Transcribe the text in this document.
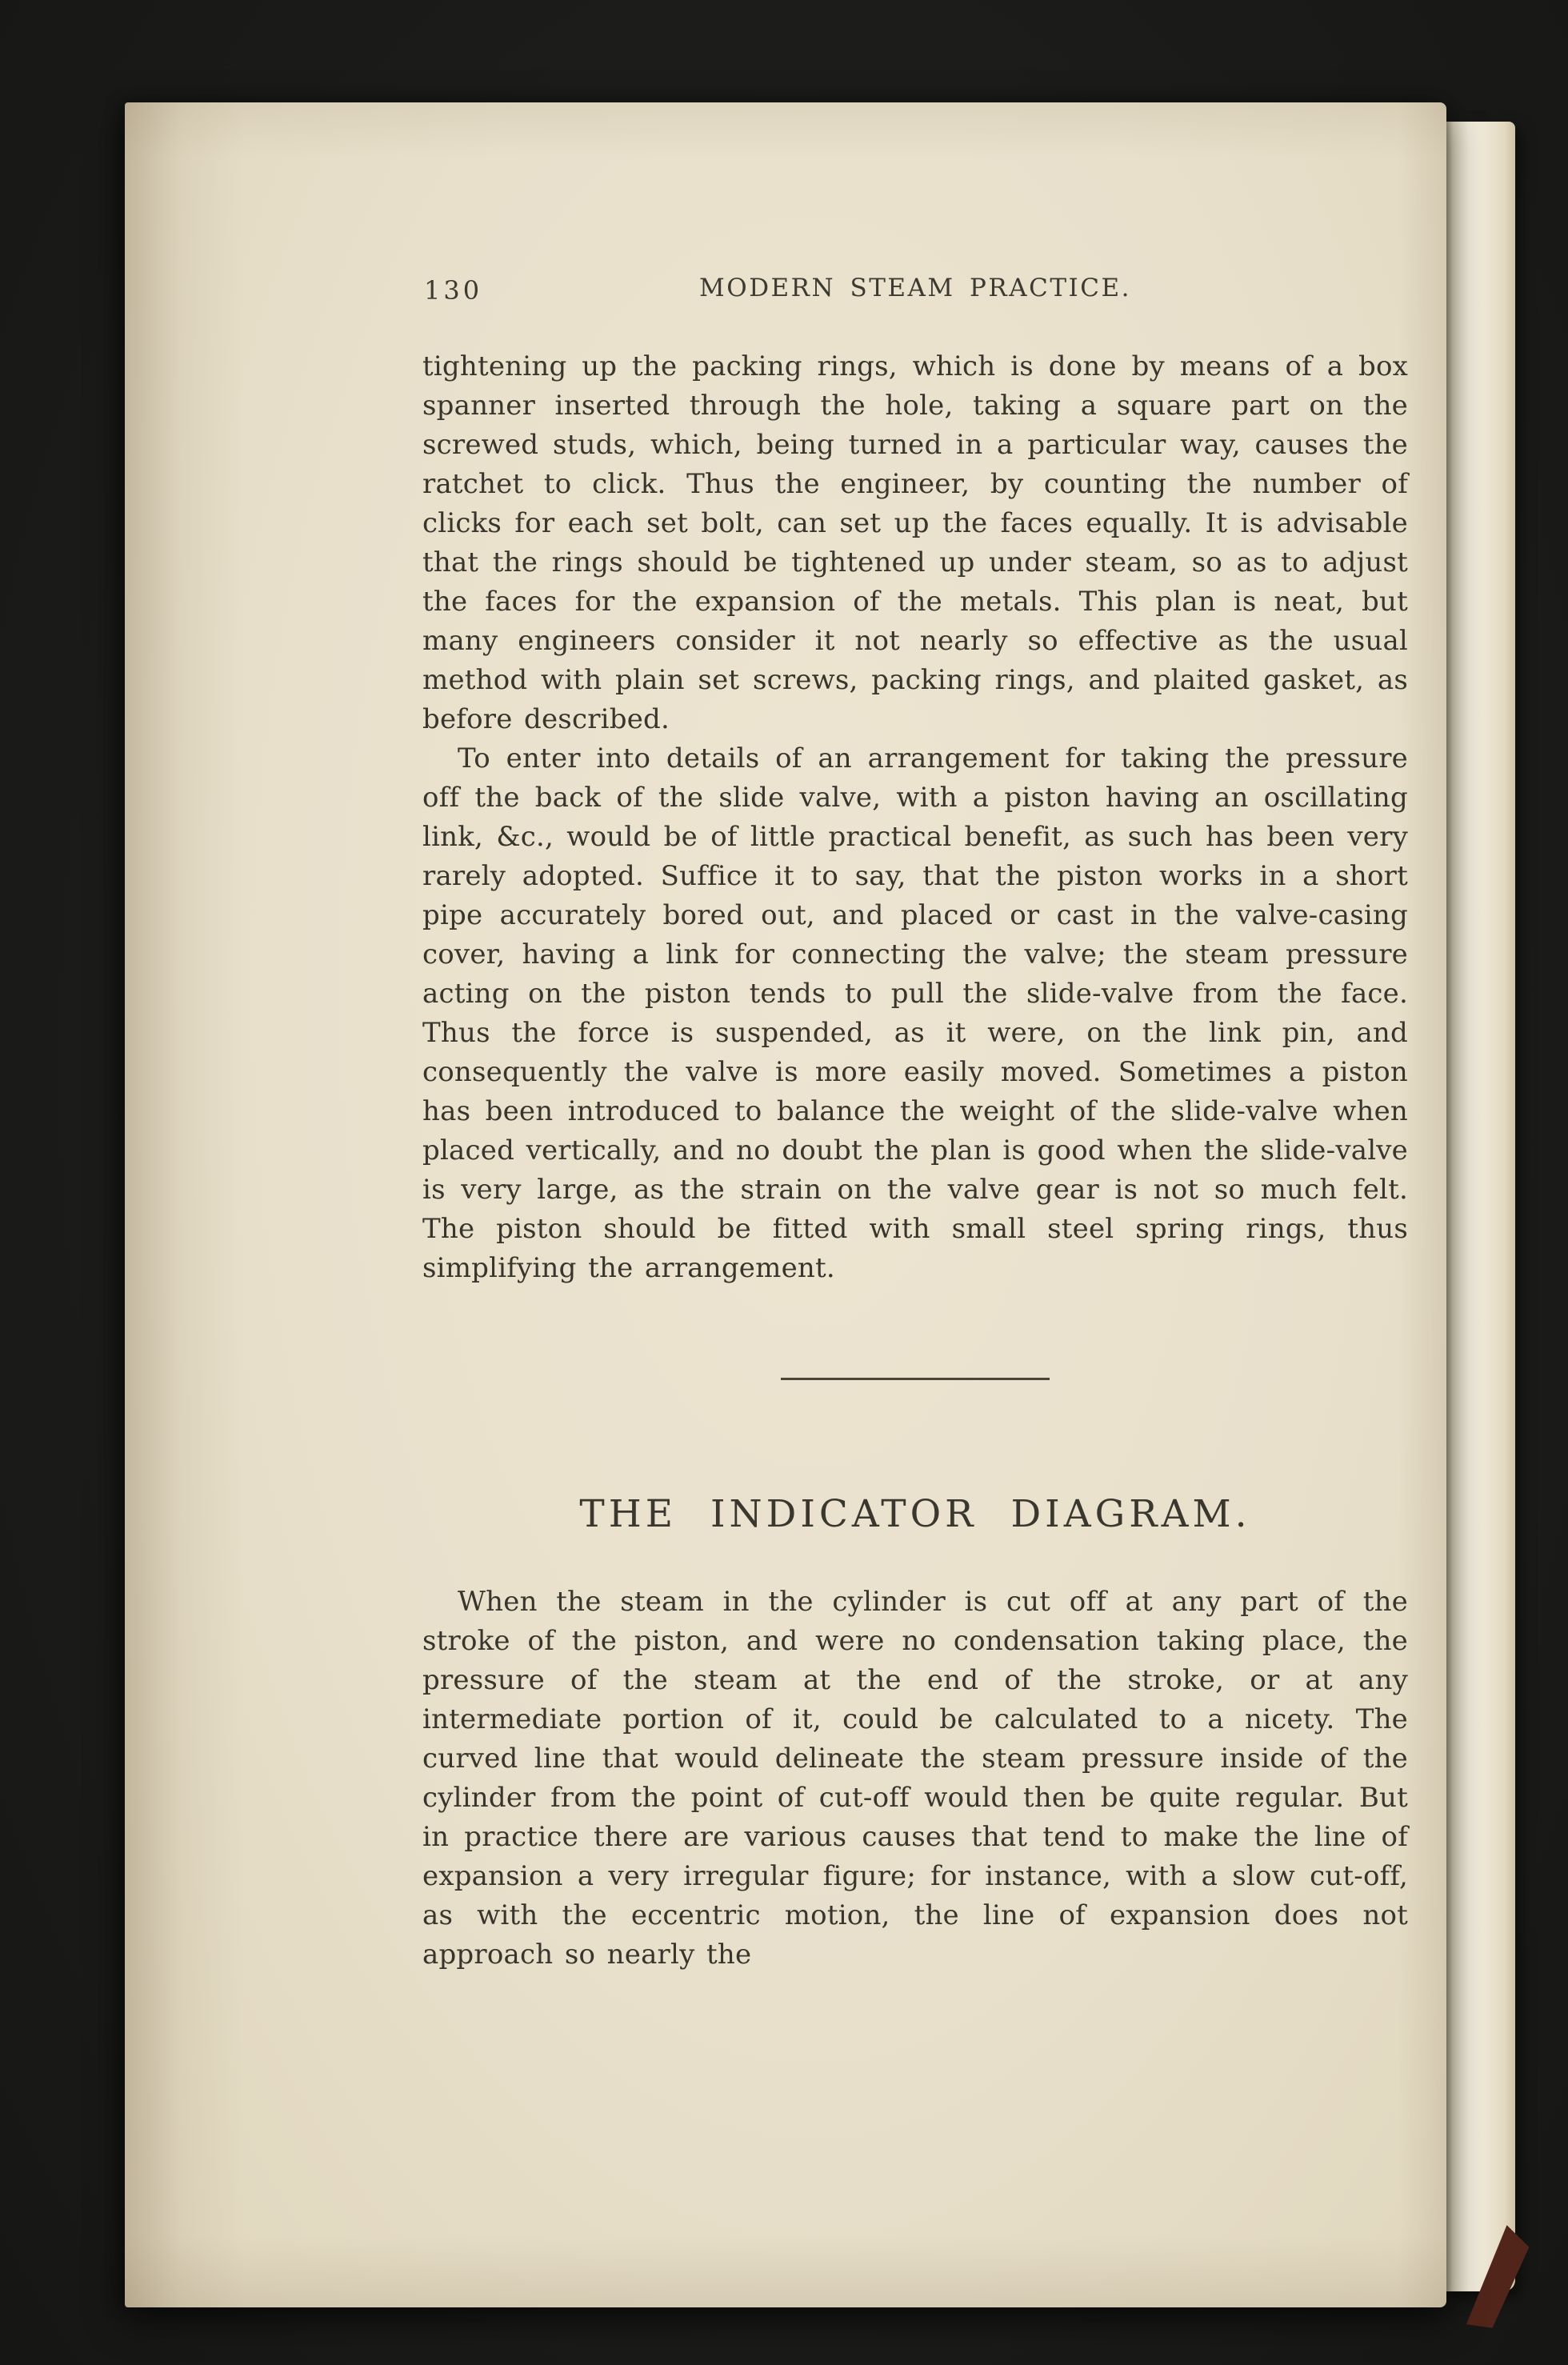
130	MODERN STEAM PRACTICE.

tightening up the packing rings, which is done by means of a box spanner inserted through the hole, taking a square part on the screwed studs, which, being turned in a particular way, causes the ratchet to click. Thus the engineer, by counting the number of clicks for each set bolt, can set up the faces equally. It is advisable that the rings should be tightened up under steam, so as to adjust the faces for the expansion of the metals. This plan is neat, but many engineers consider it not nearly so effective as the usual method with plain set screws, packing rings, and plaited gasket, as before described.

To enter into details of an arrangement for taking the pressure off the back of the slide valve, with a piston having an oscillating link, &c., would be of little practical benefit, as such has been very rarely adopted. Suffice it to say, that the piston works in a short pipe accurately bored out, and placed or cast in the valve-casing cover, having a link for connecting the valve; the steam pressure acting on the piston tends to pull the slide-valve from the face. Thus the force is suspended, as it were, on the link pin, and consequently the valve is more easily moved. Sometimes a piston has been introduced to balance the weight of the slide-valve when placed vertically, and no doubt the plan is good when the slide-valve is very large, as the strain on the valve gear is not so much felt. The piston should be fitted with small steel spring rings, thus simplifying the arrangement.

THE INDICATOR DIAGRAM.

When the steam in the cylinder is cut off at any part of the stroke of the piston, and were no condensation taking place, the pressure of the steam at the end of the stroke, or at any intermediate portion of it, could be calculated to a nicety. The curved line that would delineate the steam pressure inside of the cylinder from the point of cut-off would then be quite regular. But in practice there are various causes that tend to make the line of expansion a very irregular figure; for instance, with a slow cut-off, as with the eccentric motion, the line of expansion does not approach so nearly the
